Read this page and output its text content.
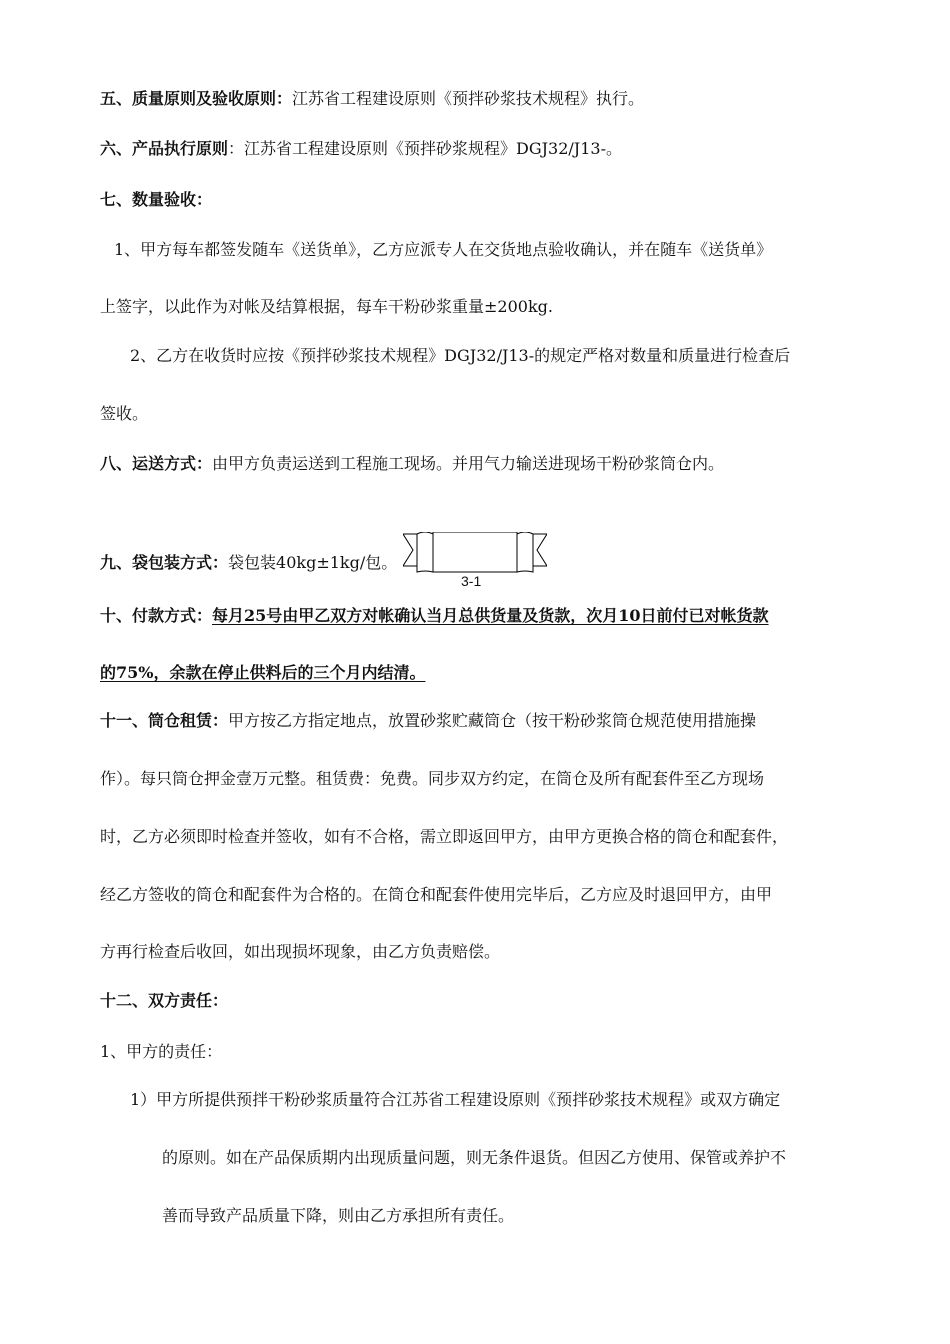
五、质量原则及验收原则：江苏省工程建设原则《预拌砂浆技术规程》执行。
六、产品执行原则：江苏省工程建设原则《预拌砂浆规程》DGJ32/J13-。
七、数量验收：
1、甲方每车都签发随车《送货单》，乙方应派专人在交货地点验收确认，并在随车《送货单》
上签字，以此作为对帐及结算根据，每车干粉砂浆重量±200kg.
2、乙方在收货时应按《预拌砂浆技术规程》DGJ32/J13-的规定严格对数量和质量进行检查后
签收。
八、运送方式：由甲方负责运送到工程施工现场。并用气力输送进现场干粉砂浆筒仓内。
九、袋包装方式：袋包装40kg±1kg/包。
3-1
十、付款方式：每月25号由甲乙双方对帐确认当月总供货量及货款，次月10日前付已对帐货款
的75%，余款在停止供料后的三个月内结清。
十一、筒仓租赁：甲方按乙方指定地点，放置砂浆贮藏筒仓（按干粉砂浆筒仓规范使用措施操
作）。每只筒仓押金壹万元整。租赁费：免费。同步双方约定，在筒仓及所有配套件至乙方现场
时，乙方必须即时检查并签收，如有不合格，需立即返回甲方，由甲方更换合格的筒仓和配套件，
经乙方签收的筒仓和配套件为合格的。在筒仓和配套件使用完毕后，乙方应及时退回甲方，由甲
方再行检查后收回，如出现损坏现象，由乙方负责赔偿。
十二、双方责任：
1、甲方的责任：
1）甲方所提供预拌干粉砂浆质量符合江苏省工程建设原则《预拌砂浆技术规程》或双方确定
的原则。如在产品保质期内出现质量问题，则无条件退货。但因乙方使用、保管或养护不
善而导致产品质量下降，则由乙方承担所有责任。
